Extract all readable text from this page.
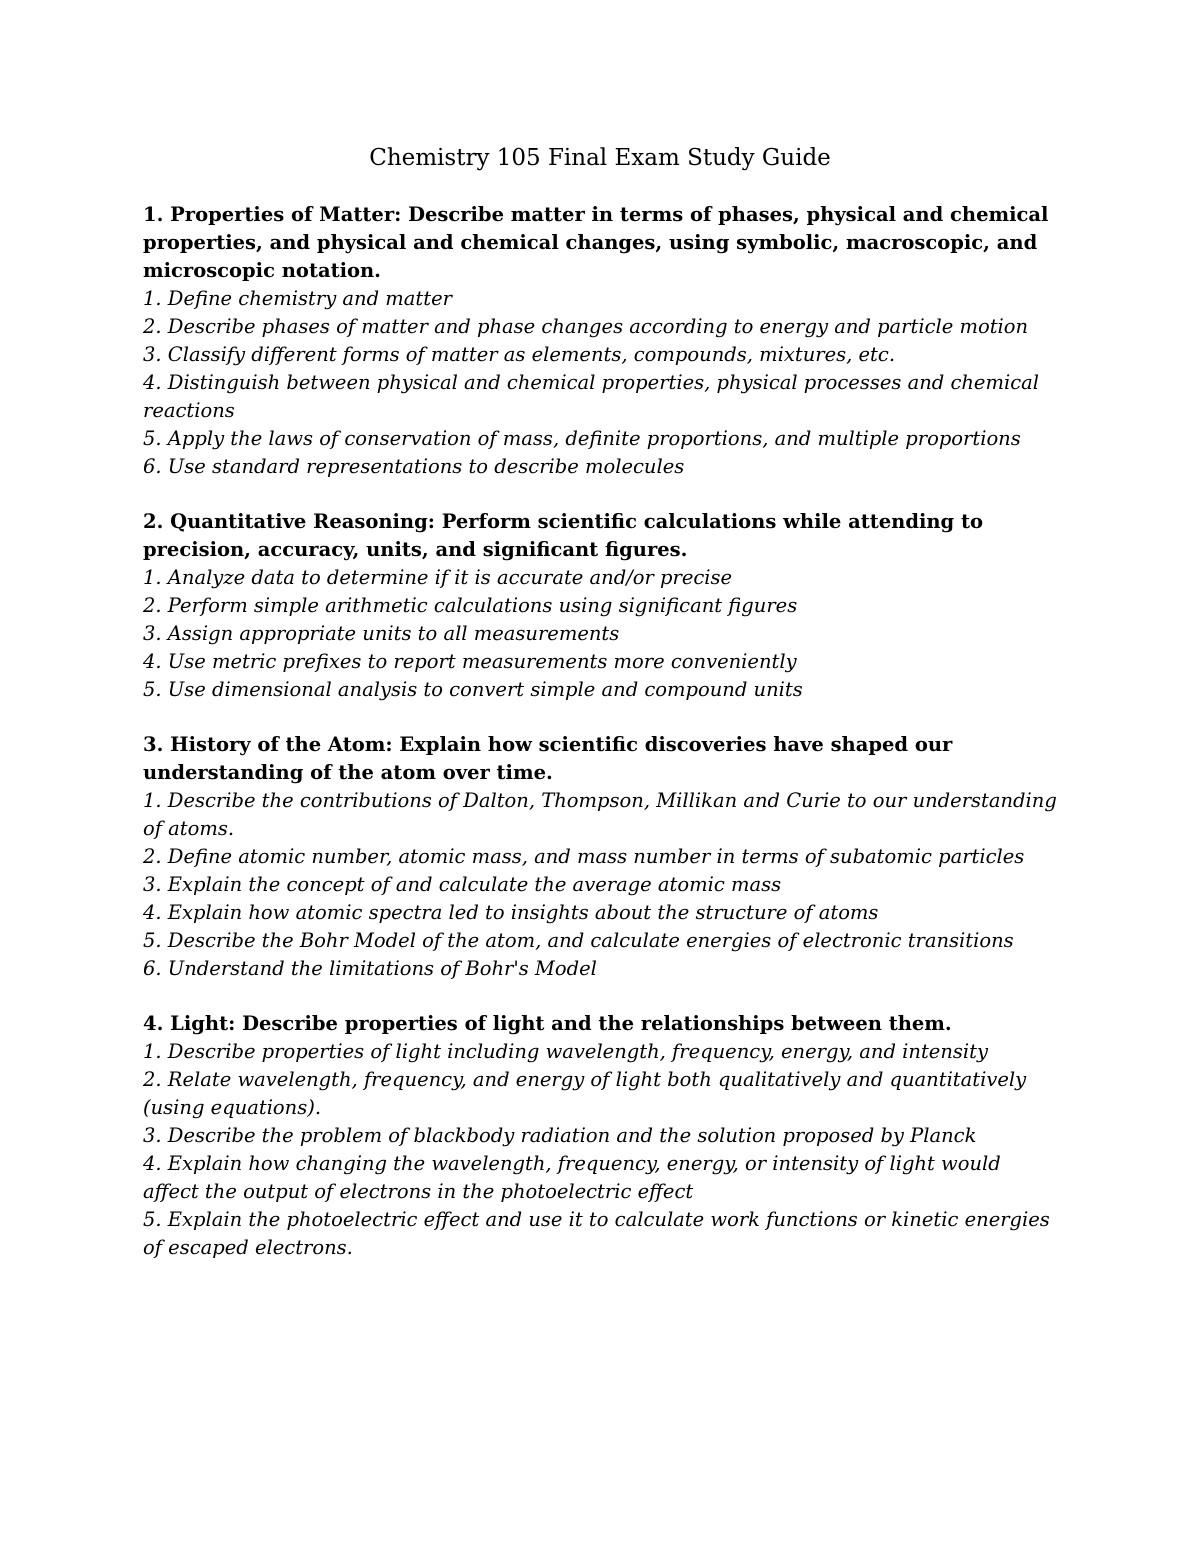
Chemistry 105 Final Exam Study Guide

1. Properties of Matter: Describe matter in terms of phases, physical and chemical properties, and physical and chemical changes, using symbolic, macroscopic, and microscopic notation.

1. Define chemistry and matter

2. Describe phases of matter and phase changes according to energy and particle motion

3. Classify different forms of matter as elements, compounds, mixtures, etc.

4. Distinguish between physical and chemical properties, physical processes and chemical reactions

5. Apply the laws of conservation of mass, definite proportions, and multiple proportions

6. Use standard representations to describe molecules

2. Quantitative Reasoning: Perform scientific calculations while attending to precision, accuracy, units, and significant figures.

1. Analyze data to determine if it is accurate and/or precise

2. Perform simple arithmetic calculations using significant figures

3. Assign appropriate units to all measurements

4. Use metric prefixes to report measurements more conveniently

5. Use dimensional analysis to convert simple and compound units

3. History of the Atom: Explain how scientific discoveries have shaped our understanding of the atom over time.

1. Describe the contributions of Dalton, Thompson, Millikan and Curie to our understanding of atoms.

2. Define atomic number, atomic mass, and mass number in terms of subatomic particles

3. Explain the concept of and calculate the average atomic mass

4. Explain how atomic spectra led to insights about the structure of atoms

5. Describe the Bohr Model of the atom, and calculate energies of electronic transitions

6. Understand the limitations of Bohr's Model

4. Light: Describe properties of light and the relationships between them.

1. Describe properties of light including wavelength, frequency, energy, and intensity

2. Relate wavelength, frequency, and energy of light both qualitatively and quantitatively (using equations).

3. Describe the problem of blackbody radiation and the solution proposed by Planck

4. Explain how changing the wavelength, frequency, energy, or intensity of light would affect the output of electrons in the photoelectric effect

5. Explain the photoelectric effect and use it to calculate work functions or kinetic energies of escaped electrons.
